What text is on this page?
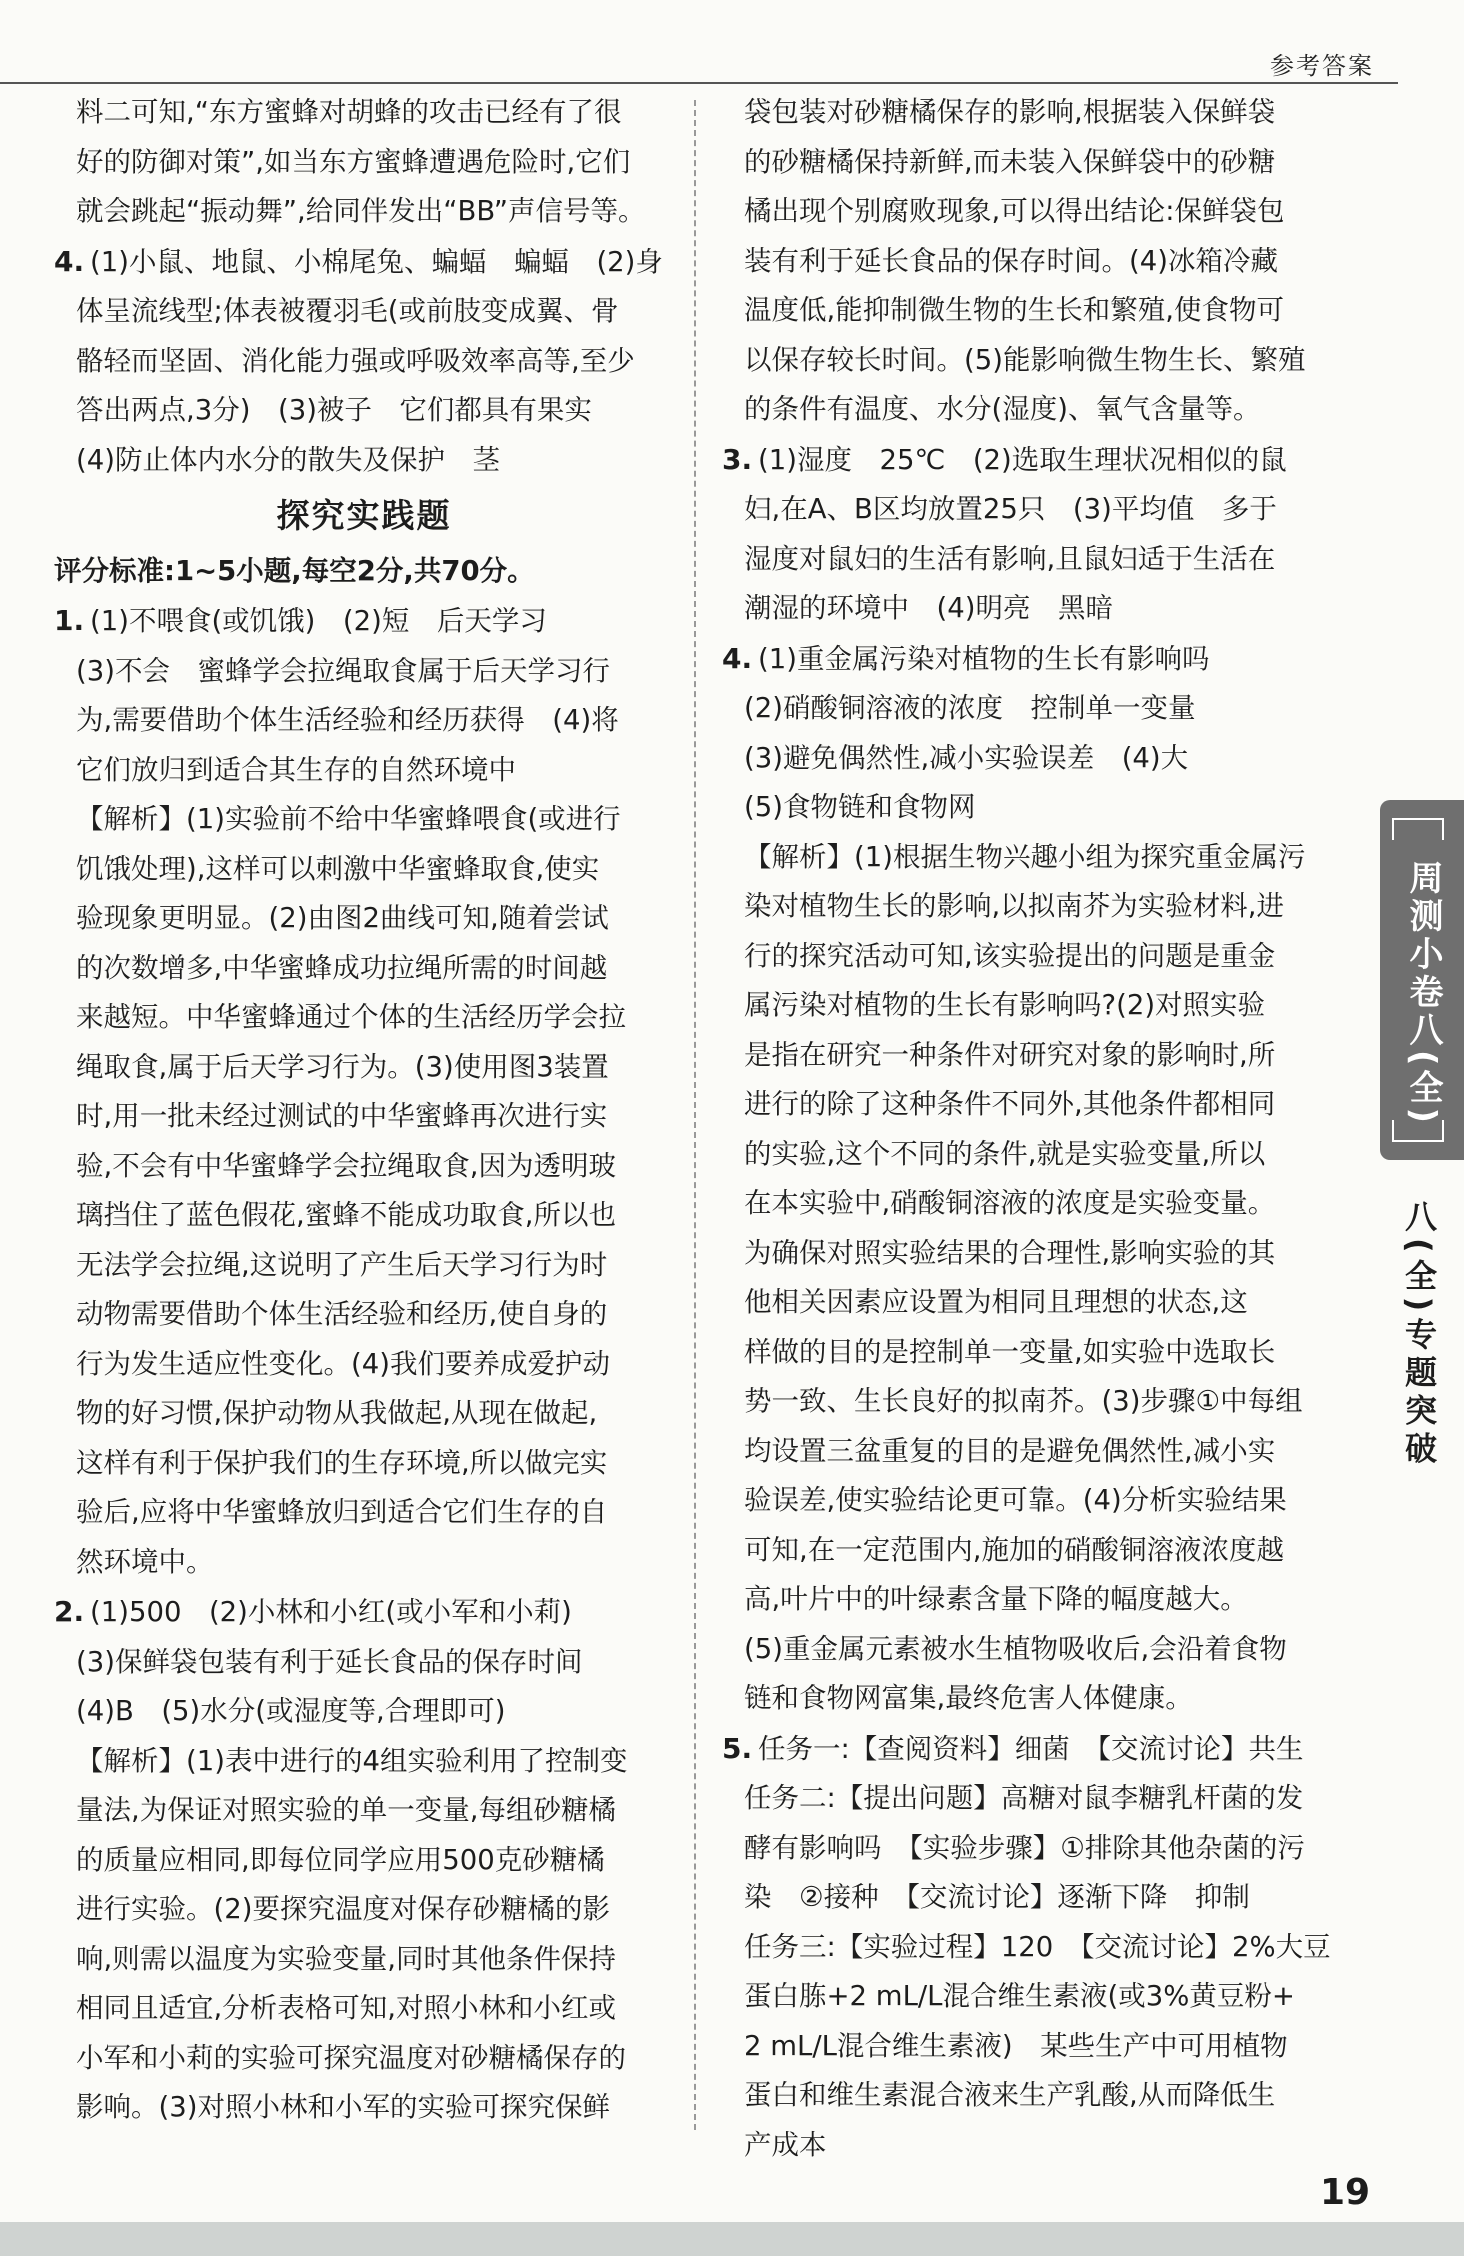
参考答案
料二可知,“东方蜜蜂对胡蜂的攻击已经有了很
好的防御对策”,如当东方蜜蜂遭遇危险时,它们
就会跳起“振动舞”,给同伴发出“BB”声信号等。
4. (1)小鼠、地鼠、小棉尾兔、蝙蝠　蝙蝠　(2)身
体呈流线型;体表被覆羽毛(或前肢变成翼、骨
骼轻而坚固、消化能力强或呼吸效率高等,至少
答出两点,3分)　(3)被子　它们都具有果实
(4)防止体内水分的散失及保护　茎
探究实践题
评分标准:1~5小题,每空2分,共70分。
1. (1)不喂食(或饥饿)　(2)短　后天学习
(3)不会　蜜蜂学会拉绳取食属于后天学习行
为,需要借助个体生活经验和经历获得　(4)将
它们放归到适合其生存的自然环境中
【解析】(1)实验前不给中华蜜蜂喂食(或进行
饥饿处理),这样可以刺激中华蜜蜂取食,使实
验现象更明显。(2)由图2曲线可知,随着尝试
的次数增多,中华蜜蜂成功拉绳所需的时间越
来越短。中华蜜蜂通过个体的生活经历学会拉
绳取食,属于后天学习行为。(3)使用图3装置
时,用一批未经过测试的中华蜜蜂再次进行实
验,不会有中华蜜蜂学会拉绳取食,因为透明玻
璃挡住了蓝色假花,蜜蜂不能成功取食,所以也
无法学会拉绳,这说明了产生后天学习行为时
动物需要借助个体生活经验和经历,使自身的
行为发生适应性变化。(4)我们要养成爱护动
物的好习惯,保护动物从我做起,从现在做起,
这样有利于保护我们的生存环境,所以做完实
验后,应将中华蜜蜂放归到适合它们生存的自
然环境中。
2. (1)500　(2)小林和小红(或小军和小莉)
(3)保鲜袋包装有利于延长食品的保存时间
(4)B　(5)水分(或湿度等,合理即可)
【解析】(1)表中进行的4组实验利用了控制变
量法,为保证对照实验的单一变量,每组砂糖橘
的质量应相同,即每位同学应用500克砂糖橘
进行实验。(2)要探究温度对保存砂糖橘的影
响,则需以温度为实验变量,同时其他条件保持
相同且适宜,分析表格可知,对照小林和小红或
小军和小莉的实验可探究温度对砂糖橘保存的
影响。(3)对照小林和小军的实验可探究保鲜
袋包装对砂糖橘保存的影响,根据装入保鲜袋
的砂糖橘保持新鲜,而未装入保鲜袋中的砂糖
橘出现个别腐败现象,可以得出结论:保鲜袋包
装有利于延长食品的保存时间。(4)冰箱冷藏
温度低,能抑制微生物的生长和繁殖,使食物可
以保存较长时间。(5)能影响微生物生长、繁殖
的条件有温度、水分(湿度)、氧气含量等。
3. (1)湿度　25℃　(2)选取生理状况相似的鼠
妇,在A、B区均放置25只　(3)平均值　多于
湿度对鼠妇的生活有影响,且鼠妇适于生活在
潮湿的环境中　(4)明亮　黑暗
4. (1)重金属污染对植物的生长有影响吗
(2)硝酸铜溶液的浓度　控制单一变量
(3)避免偶然性,减小实验误差　(4)大
(5)食物链和食物网
【解析】(1)根据生物兴趣小组为探究重金属污
染对植物生长的影响,以拟南芥为实验材料,进
行的探究活动可知,该实验提出的问题是重金
属污染对植物的生长有影响吗?(2)对照实验
是指在研究一种条件对研究对象的影响时,所
进行的除了这种条件不同外,其他条件都相同
的实验,这个不同的条件,就是实验变量,所以
在本实验中,硝酸铜溶液的浓度是实验变量。
为确保对照实验结果的合理性,影响实验的其
他相关因素应设置为相同且理想的状态,这
样做的目的是控制单一变量,如实验中选取长
势一致、生长良好的拟南芥。(3)步骤①中每组
均设置三盆重复的目的是避免偶然性,减小实
验误差,使实验结论更可靠。(4)分析实验结果
可知,在一定范围内,施加的硝酸铜溶液浓度越
高,叶片中的叶绿素含量下降的幅度越大。
(5)重金属元素被水生植物吸收后,会沿着食物
链和食物网富集,最终危害人体健康。
5. 任务一:【查阅资料】细菌　【交流讨论】共生
任务二:【提出问题】高糖对鼠李糖乳杆菌的发
酵有影响吗　【实验步骤】①排除其他杂菌的污
染　②接种　【交流讨论】逐渐下降　抑制
任务三:【实验过程】120　【交流讨论】2%大豆
蛋白胨+2 mL/L混合维生素液(或3%黄豆粉+
2 mL/L混合维生素液)　某些生产中可用植物
蛋白和维生素混合液来生产乳酸,从而降低生
产成本
周测小卷八(全)
八(全)专题突破
19
